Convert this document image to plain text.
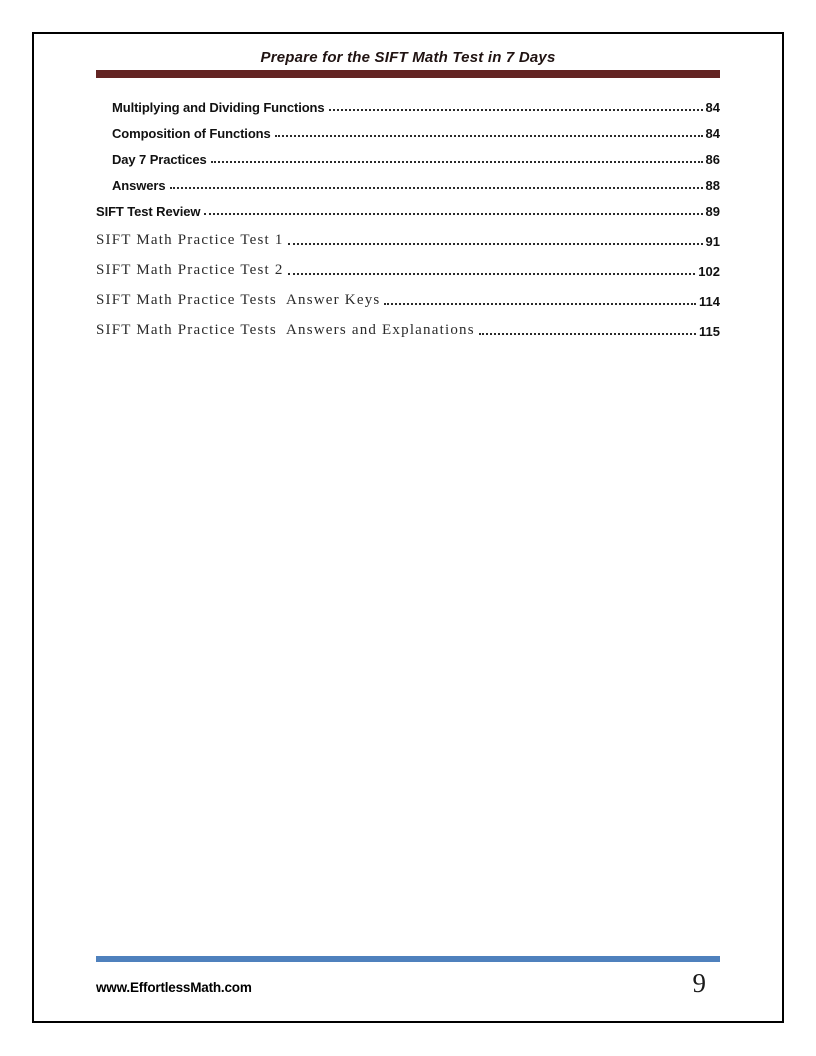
Prepare for the SIFT Math Test in 7 Days
Multiplying and Dividing Functions	84
Composition of Functions	84
Day 7 Practices	86
Answers	88
SIFT Test Review	89
SIFT Math Practice Test 1	91
SIFT Math Practice Test 2	102
SIFT Math Practice Tests  Answer Keys	114
SIFT Math Practice Tests  Answers and Explanations	115
www.EffortlessMath.com	9
